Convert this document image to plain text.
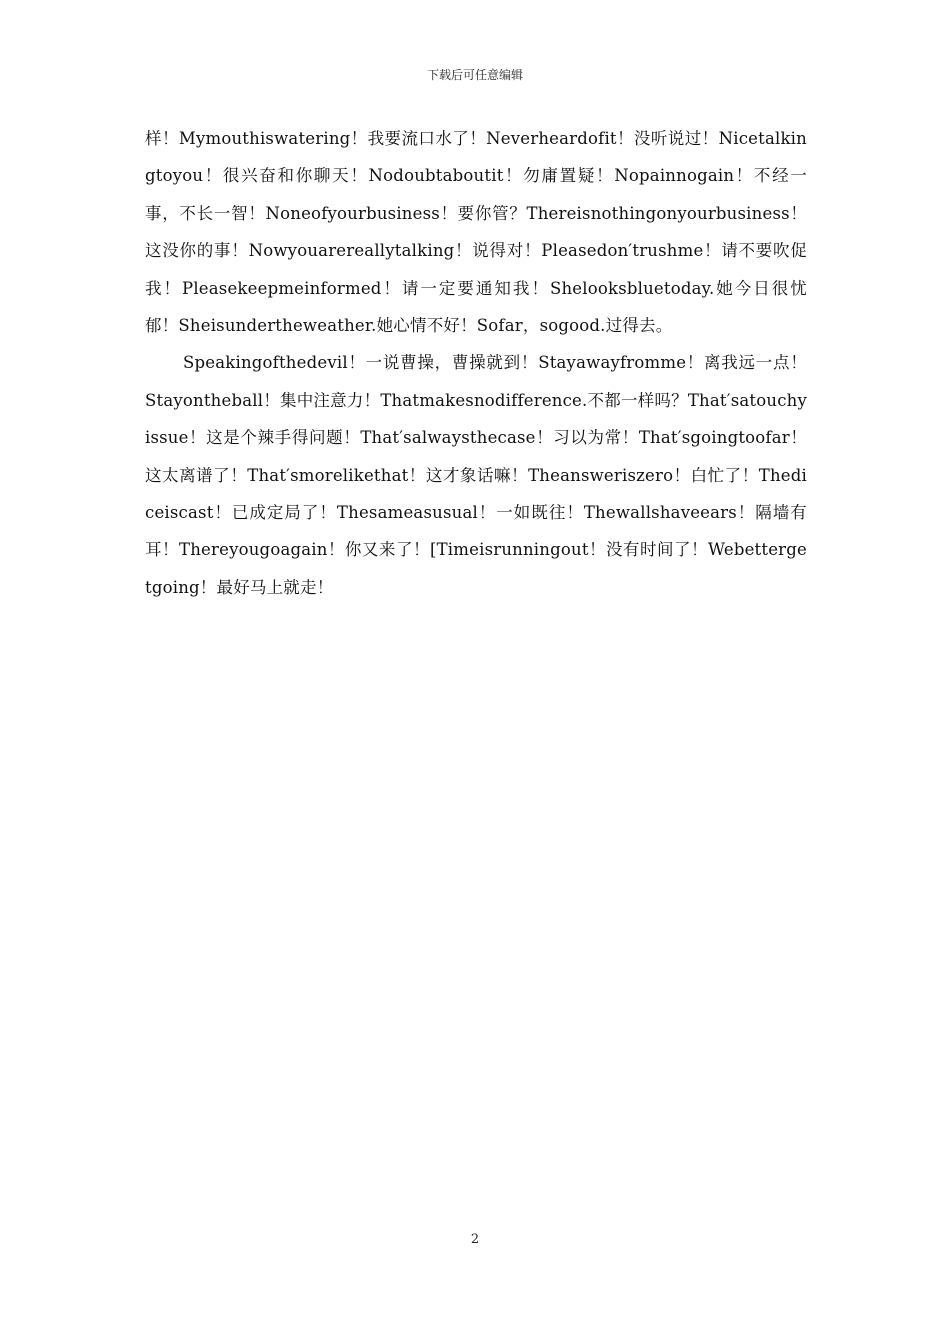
下载后可任意编辑

样！Mymouthiswatering！我要流口水了！Neverheardofit！没听说过！Nicetalkingtoyou！很兴奋和你聊天！Nodoubtaboutit！勿庸置疑！Nopainnogain！不经一事，不长一智！Noneofyourbusiness！要你管？Thereisnothingonyourbusiness！这没你的事！Nowyouarereallytalking！说得对！Pleasedon′trushme！请不要吹促我！Pleasekeepmeinformed！请一定要通知我！Shelooksbluetoday.她今日很忧郁！Sheisundertheweather.她心情不好！Sofar，sogood.过得去。

Speakingofthedevil！一说曹操，曹操就到！Stayawayfromme！离我远一点！Stayontheball！集中注意力！Thatmakesnodifference.不都一样吗？That′satouchyissue！这是个辣手得问题！That′salwaysthecase！习以为常！That′sgoingtoofar！这太离谱了！That′smorelikethat！这才象话嘛！Theansweriszero！白忙了！Thediceiscast！已成定局了！Thesameasusual！一如既往！Thewallshaveears！隔墙有耳！Thereyougoagain！你又来了！[Timeisrunningout！没有时间了！Webettergetgoing！最好马上就走！

2
